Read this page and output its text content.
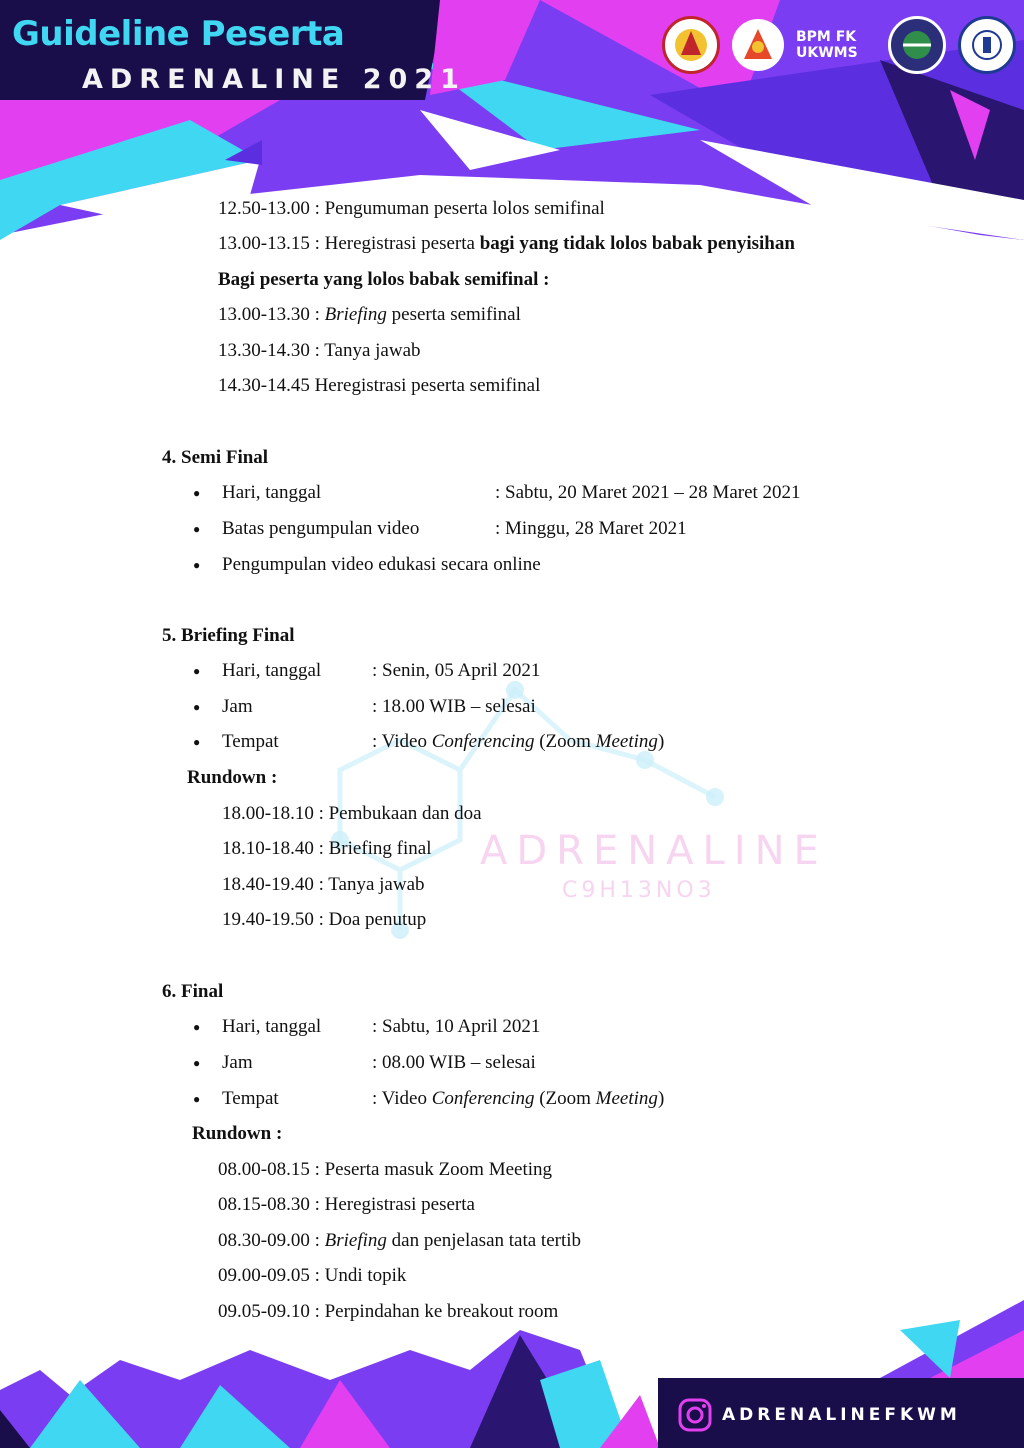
Guideline Peserta
ADRENALINE 2021
BPM FK UKWMS
ADRENALINE
C9H13NO3
12.50-13.00 : Pengumuman peserta lolos semifinal
13.00-13.15 : Heregistrasi peserta bagi yang tidak lolos babak penyisihan
Bagi peserta yang lolos babak semifinal :
13.00-13.30 : Briefing peserta semifinal
13.30-14.30 : Tanya jawab
14.30-14.45 Heregistrasi peserta semifinal
4. Semi Final
● Hari, tanggal	: Sabtu, 20 Maret 2021 – 28 Maret 2021
● Batas pengumpulan video	: Minggu, 28 Maret 2021
● Pengumpulan video edukasi secara online
5. Briefing Final
● Hari, tanggal	: Senin, 05 April 2021
● Jam	: 18.00 WIB – selesai
● Tempat	: Video Conferencing (Zoom Meeting)
Rundown :
18.00-18.10 : Pembukaan dan doa
18.10-18.40 : Briefing final
18.40-19.40 : Tanya jawab
19.40-19.50 : Doa penutup
6. Final
● Hari, tanggal	: Sabtu, 10 April 2021
● Jam	: 08.00 WIB – selesai
● Tempat	: Video Conferencing (Zoom Meeting)
Rundown :
08.00-08.15 : Peserta masuk Zoom Meeting
08.15-08.30 : Heregistrasi peserta
08.30-09.00 : Briefing dan penjelasan tata tertib
09.00-09.05 : Undi topik
09.05-09.10 : Perpindahan ke breakout room
ADRENALINEFKWM
